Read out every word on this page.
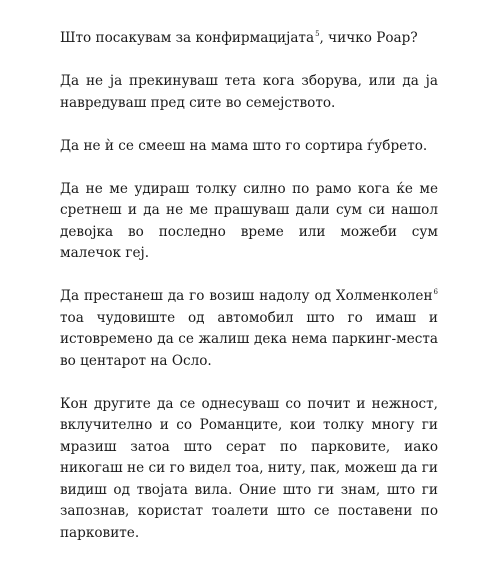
Што посакувам за конфирмацијата$^5$, чичко Роар?

Да не ја прекинуваш тета кога зборува, или да ја навредуваш пред сите во семејството.

Да не ѝ се смееш на мама што го сортира ѓубрето.

Да не ме удираш толку силно по рамо кога ќе ме сретнеш и да не ме прашуваш дали сум си нашол девојка во последно време или можеби сум малечок геј.

Да престанеш да го возиш надолу од Холменколен$^6$ тоа чудовиште од автомобил што го имаш и истовремено да се жалиш дека нема паркинг-места во центарот на Осло.

Кон другите да се однесуваш со почит и нежност, вклучително и со Романците, кои толку многу ги мразиш затоа што серат по парковите, иако никогаш не си го видел тоа, ниту, пак, можеш да ги видиш од твојата вила. Оние што ги знам, што ги запознав, користат тоалети што се поставени по парковите.
